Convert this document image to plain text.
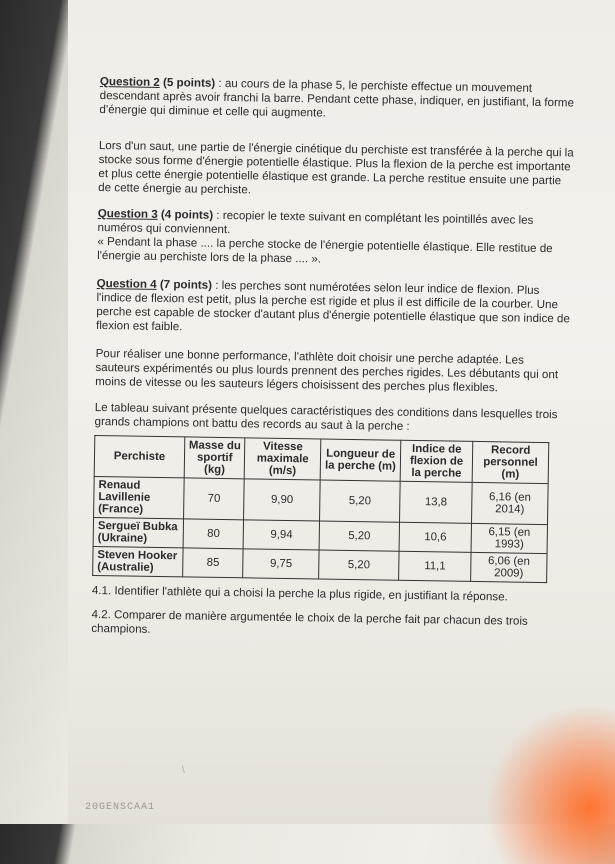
Question 2 (5 points) : au cours de la phase 5, le perchiste effectue un mouvement descendant après avoir franchi la barre. Pendant cette phase, indiquer, en justifiant, la forme d'énergie qui diminue et celle qui augmente.

Lors d'un saut, une partie de l'énergie cinétique du perchiste est transférée à la perche qui la stocke sous forme d'énergie potentielle élastique. Plus la flexion de la perche est importante et plus cette énergie potentielle élastique est grande. La perche restitue ensuite une partie de cette énergie au perchiste.

Question 3 (4 points) : recopier le texte suivant en complétant les pointillés avec les numéros qui conviennent.

« Pendant la phase .... la perche stocke de l'énergie potentielle élastique. Elle restitue de l'énergie au perchiste lors de la phase .... ».

Question 4 (7 points) : les perches sont numérotées selon leur indice de flexion. Plus l'indice de flexion est petit, plus la perche est rigide et plus il est difficile de la courber. Une perche est capable de stocker d'autant plus d'énergie potentielle élastique que son indice de flexion est faible.

Pour réaliser une bonne performance, l'athlète doit choisir une perche adaptée. Les sauteurs expérimentés ou plus lourds prennent des perches rigides. Les débutants qui ont moins de vitesse ou les sauteurs légers choisissent des perches plus flexibles.

Le tableau suivant présente quelques caractéristiques des conditions dans lesquelles trois grands champions ont battu des records au saut à la perche :

Perchiste	Masse du sportif (kg)	Vitesse maximale (m/s)	Longueur de la perche (m)	Indice de flexion de la perche	Record personnel (m)
Renaud Lavillenie (France)	70	9,90	5,20	13,8	6,16 (en 2014)
Sergueï Bubka (Ukraine)	80	9,94	5,20	10,6	6,15 (en 1993)
Steven Hooker (Australie)	85	9,75	5,20	11,1	6,06 (en 2009)

4.1. Identifier l'athlète qui a choisi la perche la plus rigide, en justifiant la réponse.

4.2. Comparer de manière argumentée le choix de la perche fait par chacun des trois champions.

\
20GENSCAA1
